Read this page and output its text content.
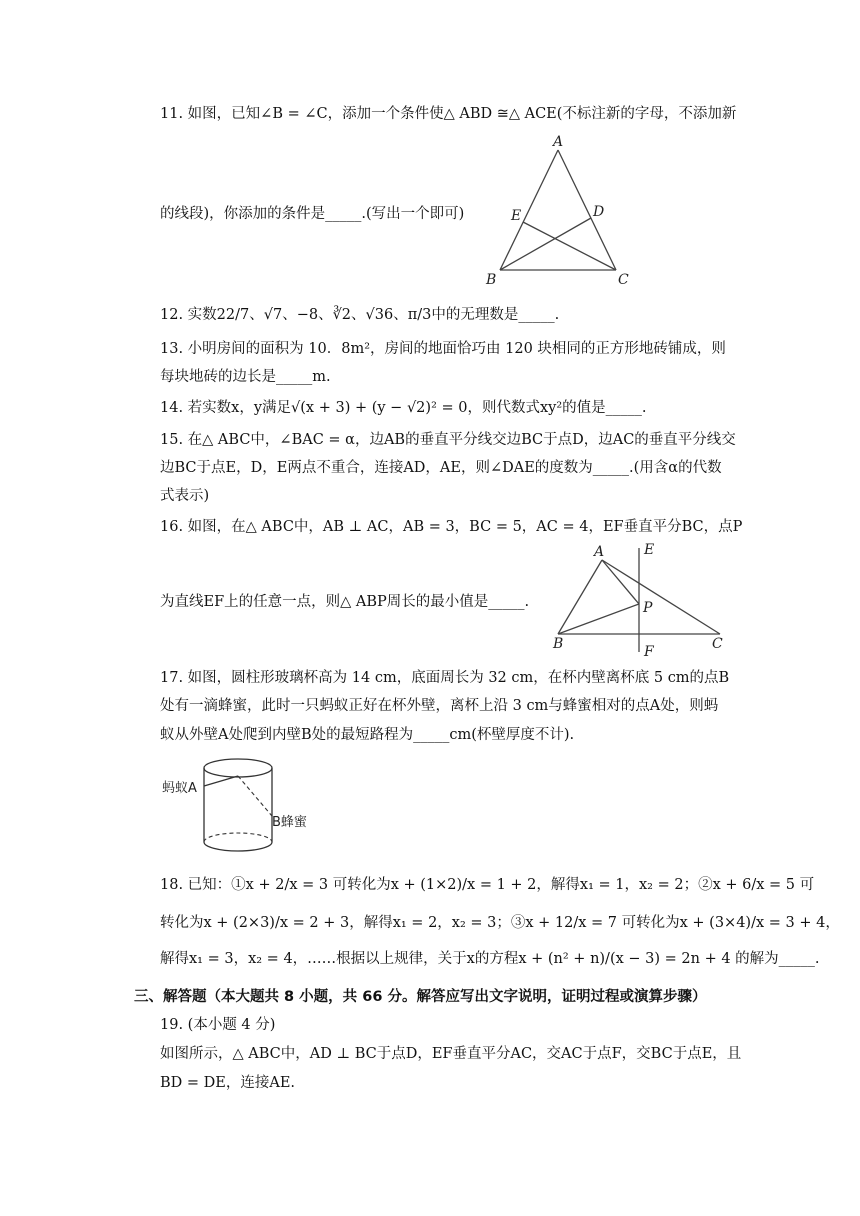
11. 如图，已知∠B = ∠C，添加一个条件使△ ABD ≅△ ACE(不标注新的字母，不添加新
的线段)，你添加的条件是_____.(写出一个即可)
A
B	C
D
E
12. 实数22/7、√7、−8、∛2、√36、π/3中的无理数是_____.
13. 小明房间的面积为 10．8m²，房间的地面恰巧由 120 块相同的正方形地砖铺成，则
每块地砖的边长是_____m.
14. 若实数x，y满足√(x + 3) + (y − √2)² = 0，则代数式xy²的值是_____.
15. 在△ ABC中，∠BAC = α，边AB的垂直平分线交边BC于点D，边AC的垂直平分线交
边BC于点E，D，E两点不重合，连接AD，AE，则∠DAE的度数为_____.(用含α的代数
式表示)
16. 如图，在△ ABC中，AB ⊥ AC，AB = 3，BC = 5，AC = 4，EF垂直平分BC，点P
为直线EF上的任意一点，则△ ABP周长的最小值是_____.
A
B	C
E
F
P
17. 如图，圆柱形玻璃杯高为 14 cm，底面周长为 32 cm，在杯内壁离杯底 5 cm的点B
处有一滴蜂蜜，此时一只蚂蚁正好在杯外壁，离杯上沿 3 cm与蜂蜜相对的点A处，则蚂
蚁从外壁A处爬到内壁B处的最短路程为_____cm(杯壁厚度不计).
蚂蚁A
B蜂蜜
18. 已知：①x + 2/x = 3 可转化为x + (1×2)/x = 1 + 2，解得x₁ = 1，x₂ = 2；②x + 6/x = 5 可
转化为x + (2×3)/x = 2 + 3，解得x₁ = 2，x₂ = 3；③x + 12/x = 7 可转化为x + (3×4)/x = 3 + 4，
解得x₁ = 3，x₂ = 4，……根据以上规律，关于x的方程x + (n² + n)/(x − 3) = 2n + 4 的解为_____.
三、解答题（本大题共 8 小题，共 66 分。解答应写出文字说明，证明过程或演算步骤）
19. (本小题 4 分)
如图所示，△ ABC中，AD ⊥ BC于点D，EF垂直平分AC，交AC于点F，交BC于点E，且
BD = DE，连接AE.
